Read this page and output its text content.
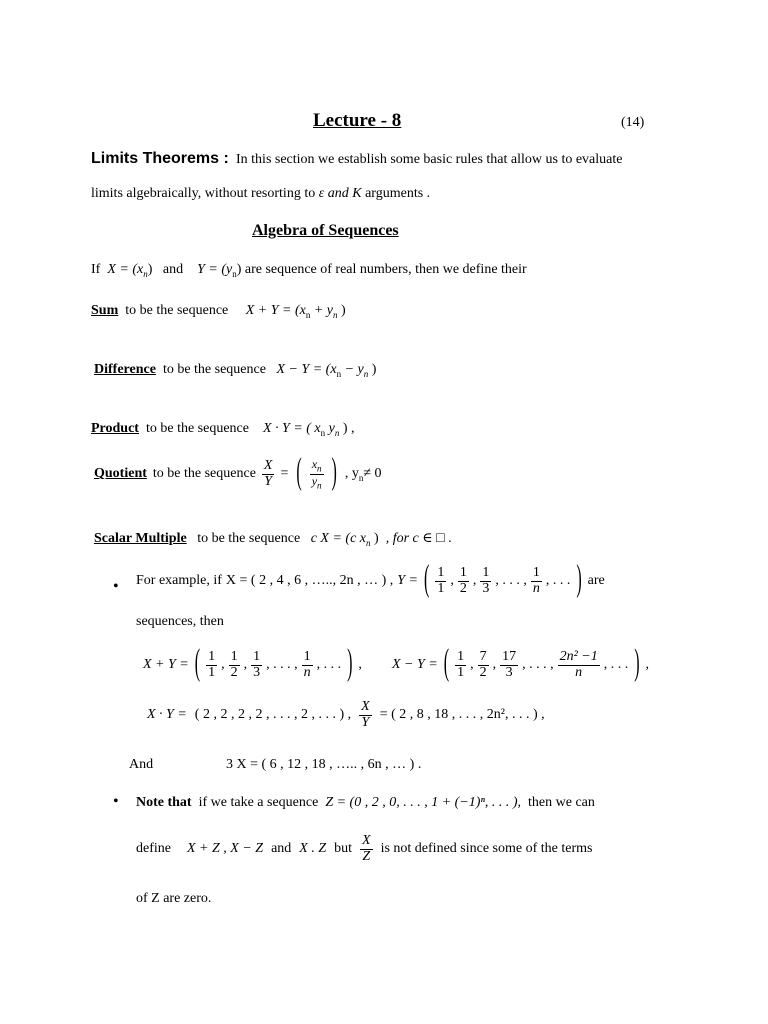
Lecture - 8	(14)
Limits Theorems : In this section we establish some basic rules that allow us to evaluate
limits algebraically, without resorting to ε and K arguments .
Algebra of Sequences
If $X = (x_n)$ and $Y = (y_n)$ are sequence of real numbers, then we define their
Sum to be the sequence $X + Y = (x_n + y_n$ )
Difference to be the sequence $X - Y = (x_n - y_n$ )
Product to be the sequence X · Y = ( $x_n$ $y_n$ ) ,
Quotient to be the sequence $\frac{X}{Y}$ = ( $\frac{x_n}{y_n}$ ) , $y_n\ne 0$
Scalar Multiple to be the sequence c X = (c $x_n$ ) , for c ∈ □ .
• For example, if X = ( 2 , 4 , 6 , ….., 2n , … ) , Y = ( $\frac{1}{1}$ , $\frac{1}{2}$ , $\frac{1}{3}$ , . . . , $\frac{1}{n}$ , . . . ) are
sequences, then
X + Y = ( $\frac{1}{1}$ , $\frac{1}{2}$ , $\frac{1}{3}$ , . . . , $\frac{1}{n}$ , . . . ) , X − Y = ( $\frac{1}{1}$ , $\frac{7}{2}$ , $\frac{17}{3}$ , . . . , $\frac{\text{2n² −1}}{n}$ , . . . ) ,
X · Y = ( 2 , 2 , 2 , 2 , . . . , 2 , . . . ) , $\frac{X}{Y}$ = ( 2 , 8 , 18 , . . . , 2n², . . . ) ,
And	3 X = ( 6 , 12 , 18 , ….. , 6n , … ) .
• Note that if we take a sequence Z = (0 , 2 , 0, . . . , 1 + (−1)ⁿ, . . . ), then we can
define X + Z , X − Z and X . Z but $\frac{X}{Z}$ is not defined since some of the terms
of Z are zero.
